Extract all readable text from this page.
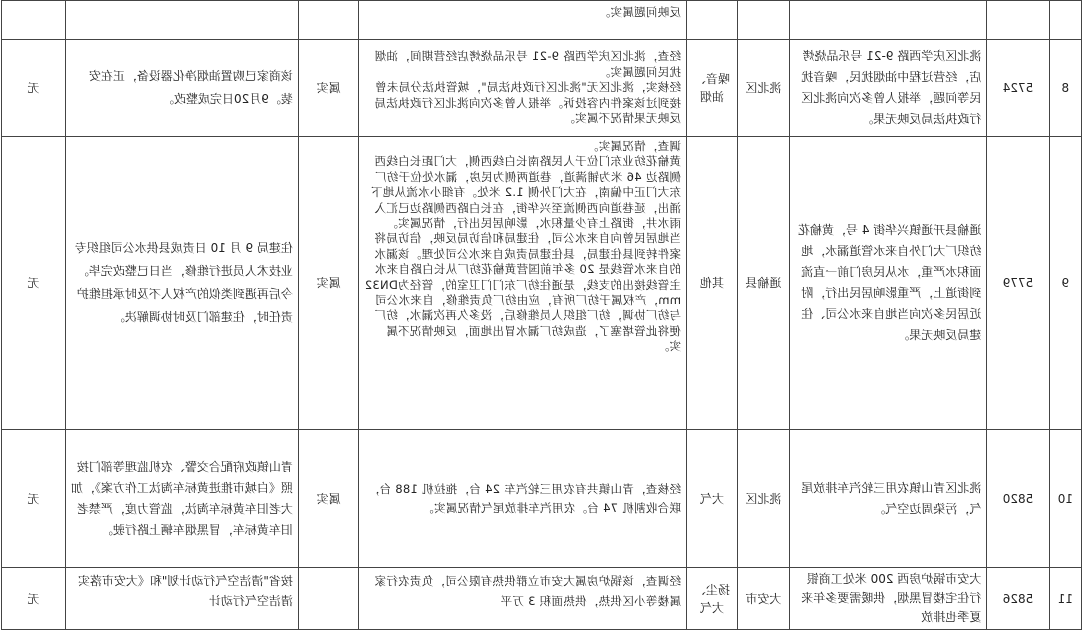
					反映问题属实。			
8	5724	洮北区庆学西路 9-21 号乐品烧烤店，经营过程中油烟扰民，噪音扰民等问题，举报人曾多次向洮北区行政执法局反映无果。	洮北区	噪音、油烟	经查，洮北区庆学西路 9-21 号乐品烧烤店经营期间，油烟扰民问题属实。
经核实，洮北区无"洮北区行政执法局"，城管执法分局未曾接到过该案件内容投诉。举报人曾多次向洮北区行政执法局反映无果情况不属实。	属实	该商家已购置油烟净化器设备，正在安装。9月20日完成整改。	无
9	5779	通榆县开通镇兴华街 4 号，黄榆花纺织厂大门外自来水管道漏水，地面积水严重，水从民房门前一直流到街道上，严重影响居民出行，附近居民多次向当地自来水公司、住建局反映无果。	通榆县	其他	调查，情况属实。
黄榆花纺业东门位于人民路南长白线西侧，大门距长白线西侧路边 46 米为铺满道，巷道两侧为民房，漏水处位于纺厂东大门正中偏南，在大门外侧 1.2 米处。有细小水流从地下涌出，延巷道向西侧流至兴华街，在长白路西侧路边已汇入雨水井，街路上有少量积水，影响居民出行，情况属实。
当地居民曾向自来水公司，住建局和信访局反映，信访局将案件转到县住建局，县住建局责成自来水公司处理。该漏水的自来水管线是 20 多年前国营黄榆花纺厂从长白路自来水主管线接出的支线，是通往纺厂东门门卫室的，管径为DN32 mm，产权属于纺厂所有，应由纺厂负责维修，自来水公司与纺厂协调，纺厂组织人员维修后，没多久再次漏水，纺厂便将此管堵塞了，造成纺厂漏水冒出地面，反映情况不属实。	属实	住建局 9 月 10 日责成县供水公司组织专业技术人员进行维修，当日已整改完毕。
今后再遇到类似的产权人不及时承担维护责任时，住建部门及时协调解决。	无
10	5820	洮北区青山镇农用三轮汽车排放尾气，污染周边空气。	洮北区	大气	经核查，青山镇共有农用三轮汽车 24 台，拖拉机 188 台，联合收割机 74 台。农用汽车排放尾气情况属实。	属实	青山镇政府配合交警、农机监理等部门按照《白城市推进黄标车淘汰工作方案》，加大老旧车黄标车淘汰，监管力度，严禁老旧车黄标车，冒黑烟车辆上路行驶。	无
11	5826	大安市锅炉房西 200 米处工商银行住宅楼冒黑烟，供暖需要多年来夏季也排放	大安市	扬尘、大气	经调查，该锅炉房属大安市立群供热有限公司，负责农行家属楼等小区供热，供热面积 3 万平		按省"清洁空气行动计划"和《大安市落实清洁空气行动计	无
